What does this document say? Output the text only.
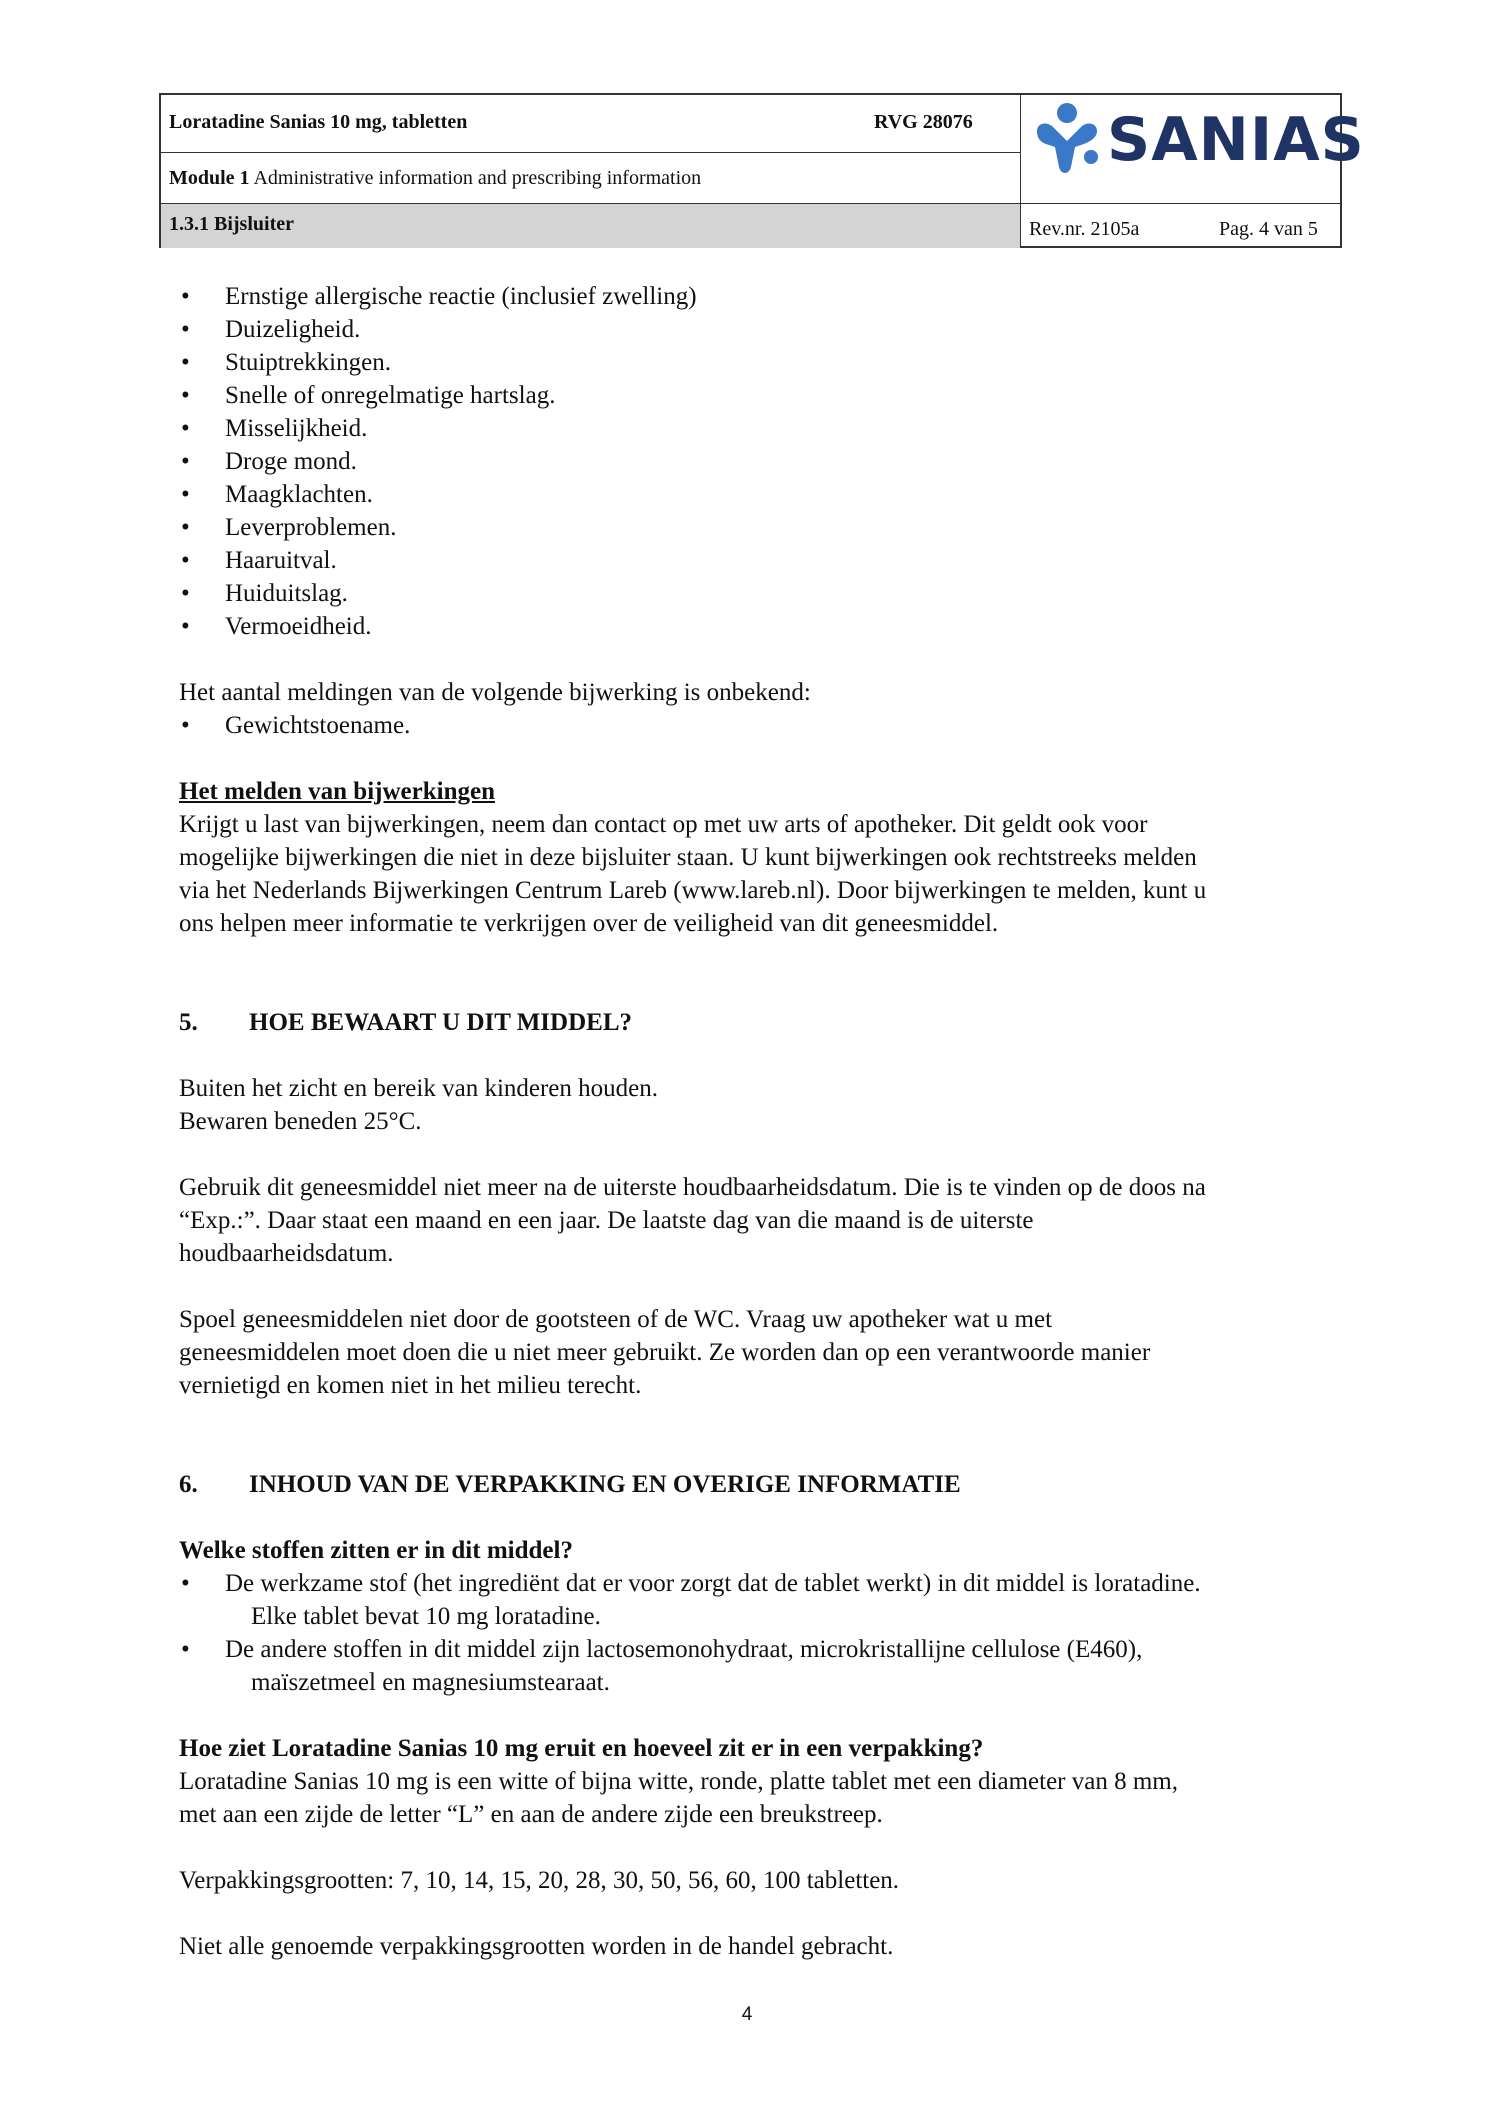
Loratadine Sanias 10 mg, tabletten	RVG 28076
Module 1 Administrative information and prescribing information
1.3.1 Bijsluiter
SANIAS
Rev.nr. 2105a	Pag. 4 van 5
• Ernstige allergische reactie (inclusief zwelling)
• Duizeligheid.
• Stuiptrekkingen.
• Snelle of onregelmatige hartslag.
• Misselijkheid.
• Droge mond.
• Maagklachten.
• Leverproblemen.
• Haaruitval.
• Huiduitslag.
• Vermoeidheid.

Het aantal meldingen van de volgende bijwerking is onbekend:

• Gewichtstoename.

Het melden van bijwerkingen

Krijgt u last van bijwerkingen, neem dan contact op met uw arts of apotheker. Dit geldt ook voor
mogelijke bijwerkingen die niet in deze bijsluiter staan. U kunt bijwerkingen ook rechtstreeks melden
via het Nederlands Bijwerkingen Centrum Lareb (www.lareb.nl). Door bijwerkingen te melden, kunt u
ons helpen meer informatie te verkrijgen over de veiligheid van dit geneesmiddel.

5.	HOE BEWAART U DIT MIDDEL?

Buiten het zicht en bereik van kinderen houden.
Bewaren beneden 25°C.

Gebruik dit geneesmiddel niet meer na de uiterste houdbaarheidsdatum. Die is te vinden op de doos na
“Exp.:”. Daar staat een maand en een jaar. De laatste dag van die maand is de uiterste
houdbaarheidsdatum.

Spoel geneesmiddelen niet door de gootsteen of de WC. Vraag uw apotheker wat u met
geneesmiddelen moet doen die u niet meer gebruikt. Ze worden dan op een verantwoorde manier
vernietigd en komen niet in het milieu terecht.

6.	INHOUD VAN DE VERPAKKING EN OVERIGE INFORMATIE

Welke stoffen zitten er in dit middel?

• De werkzame stof (het ingrediënt dat er voor zorgt dat de tablet werkt) in dit middel is loratadine.
Elke tablet bevat 10 mg loratadine.
• De andere stoffen in dit middel zijn lactosemonohydraat, microkristallijne cellulose (E460),
maïszetmeel en magnesiumstearaat.

Hoe ziet Loratadine Sanias 10 mg eruit en hoeveel zit er in een verpakking?

Loratadine Sanias 10 mg is een witte of bijna witte, ronde, platte tablet met een diameter van 8 mm,
met aan een zijde de letter “L” en aan de andere zijde een breukstreep.

Verpakkingsgrootten: 7, 10, 14, 15, 20, 28, 30, 50, 56, 60, 100 tabletten.

Niet alle genoemde verpakkingsgrootten worden in de handel gebracht.

4
